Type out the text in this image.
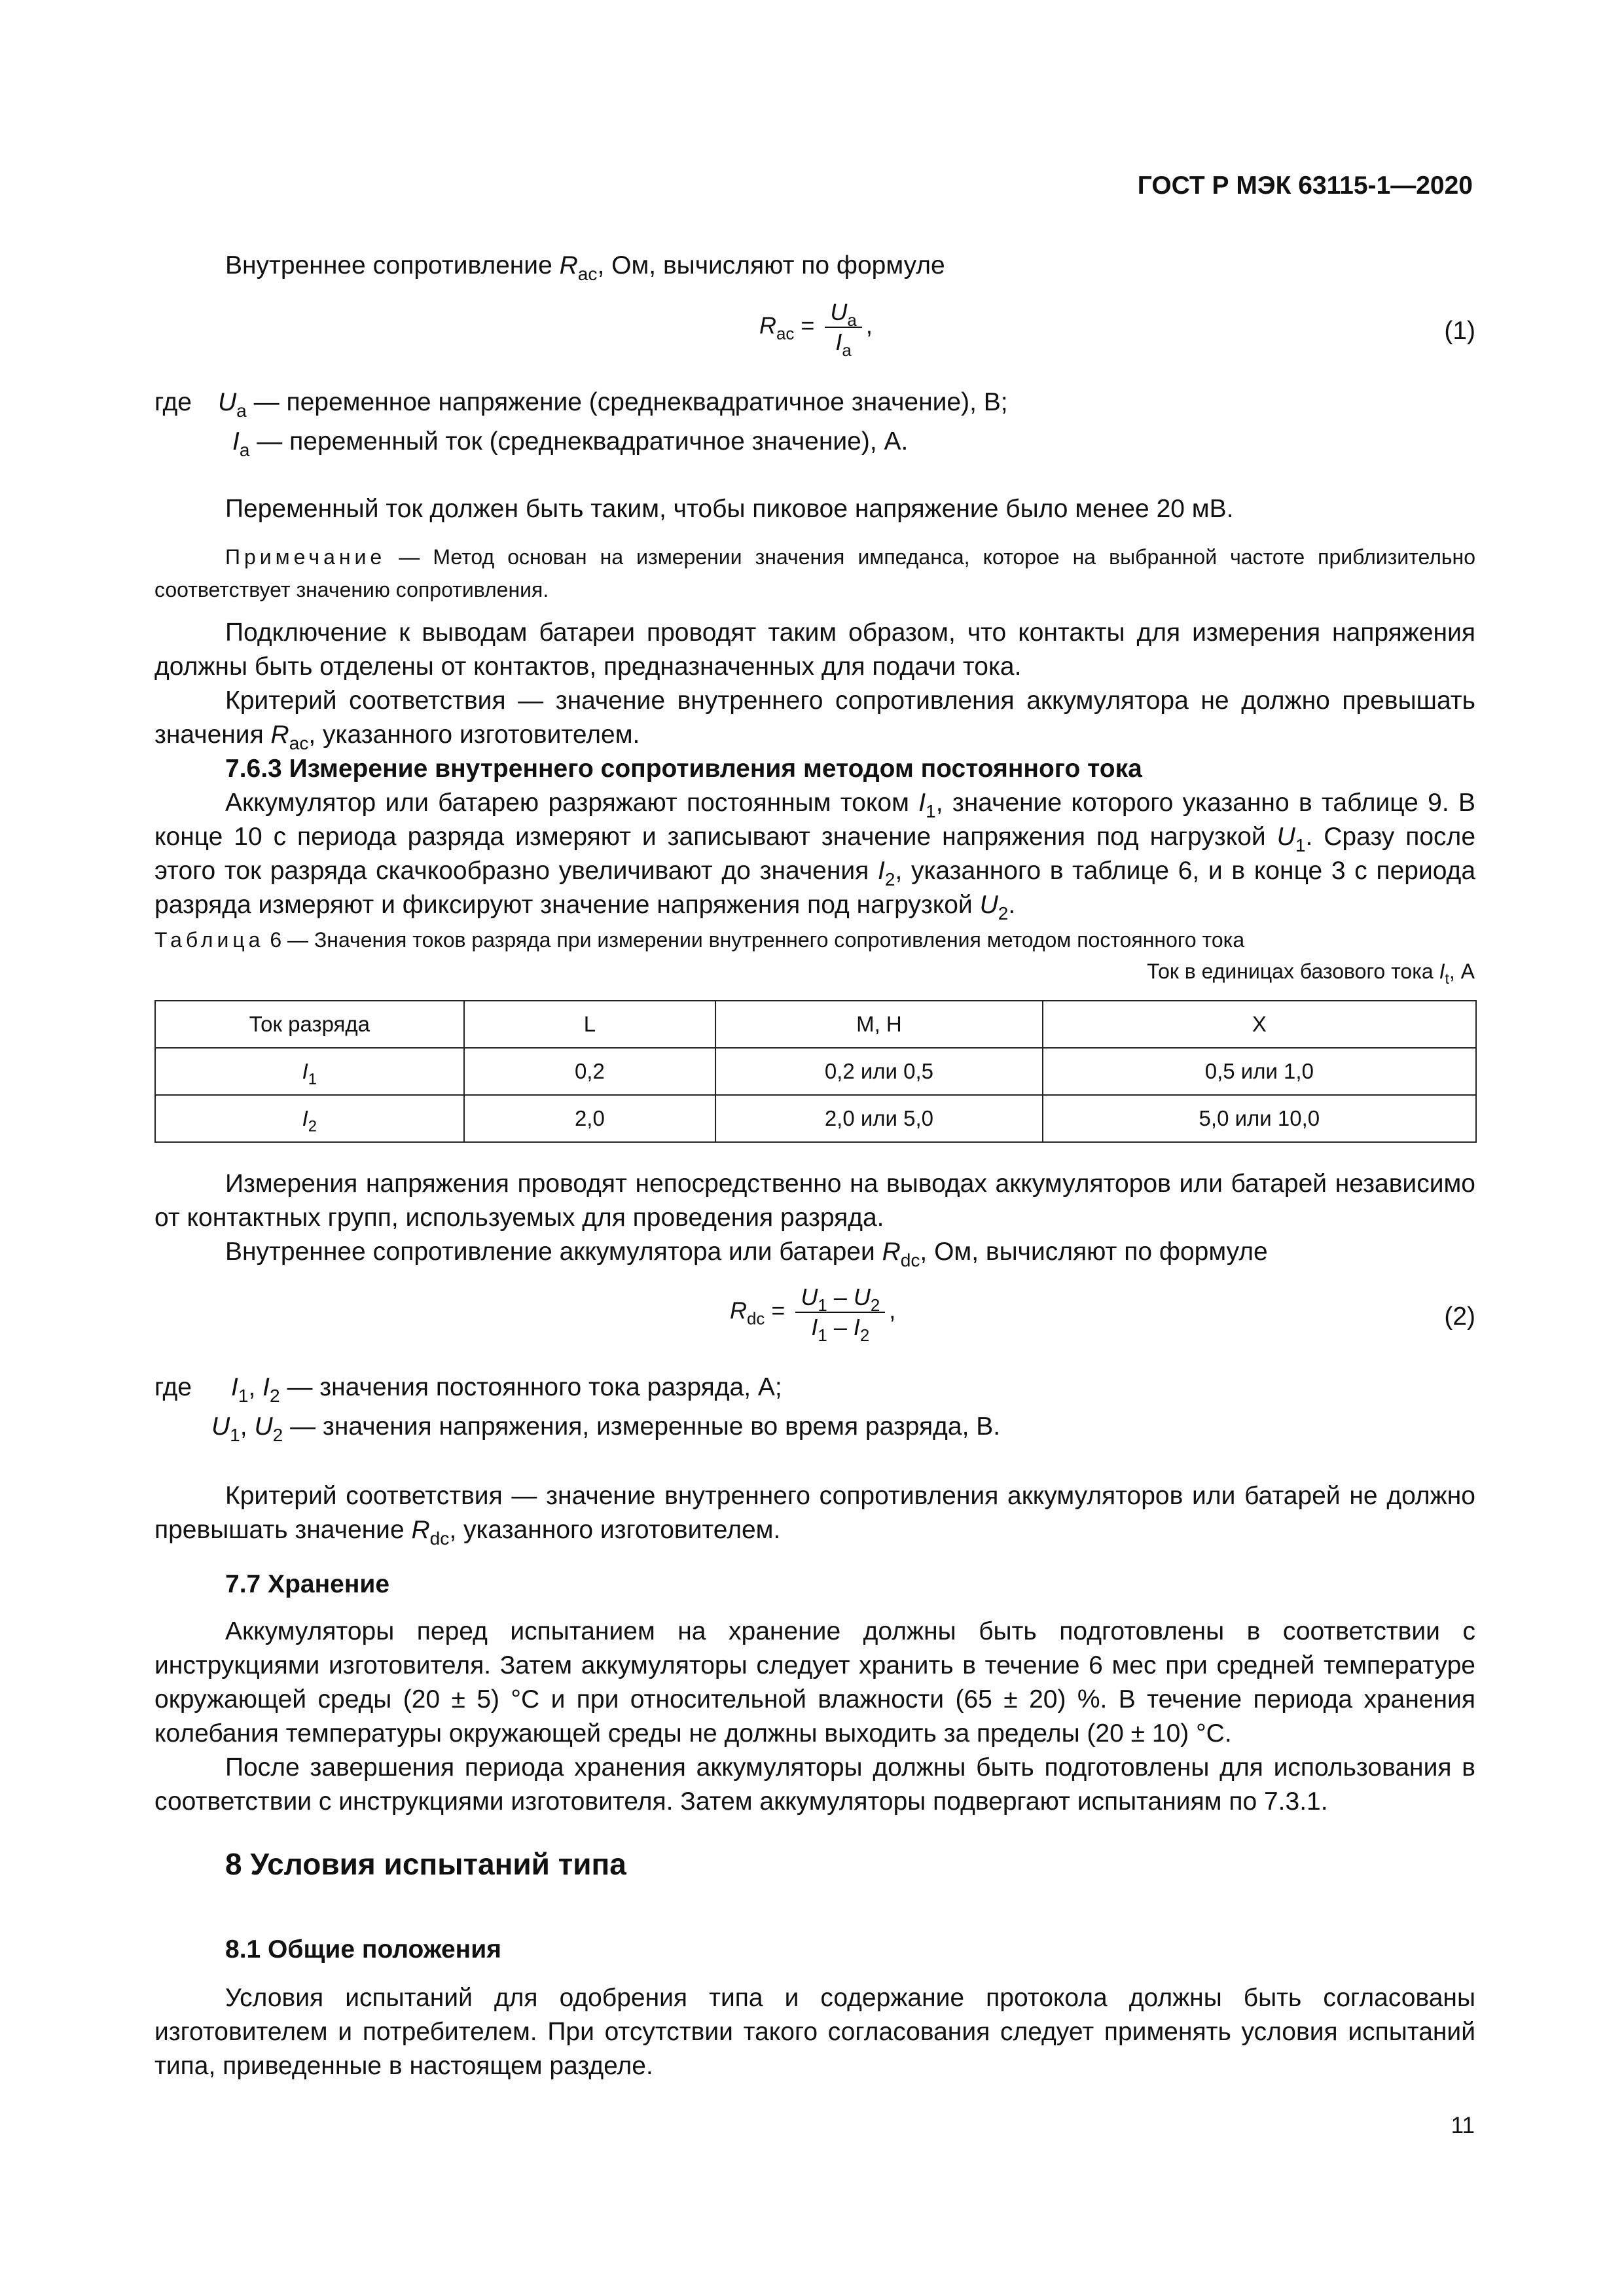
ГОСТ Р МЭК 63115-1—2020
Внутреннее сопротивление $R_{ac}$, Ом, вычисляют по формуле
$R_{ac} = \frac{U_a}{I_a}$ ,	(1)
где $U_a$ — переменное напряжение (среднеквадратичное значение), В;
$I_a$ — переменный ток (среднеквадратичное значение), А.
Переменный ток должен быть таким, чтобы пиковое напряжение было менее 20 мВ.
Примечание — Метод основан на измерении значения импеданса, которое на выбранной частоте приблизительно соответствует значению сопротивления.
Подключение к выводам батареи проводят таким образом, что контакты для измерения напряжения должны быть отделены от контактов, предназначенных для подачи тока.
Критерий соответствия — значение внутреннего сопротивления аккумулятора не должно превышать значения $R_{ac}$, указанного изготовителем.
7.6.3 Измерение внутреннего сопротивления методом постоянного тока
Аккумулятор или батарею разряжают постоянным током $I_1$, значение которого указанно в таблице 9. В конце 10 с периода разряда измеряют и записывают значение напряжения под нагрузкой $U_1$. Сразу после этого ток разряда скачкообразно увеличивают до значения $I_2$, указанного в таблице 6, и в конце 3 с периода разряда измеряют и фиксируют значение напряжения под нагрузкой $U_2$.
Таблица 6 — Значения токов разряда при измерении внутреннего сопротивления методом постоянного тока
Ток в единицах базового тока $I_t$, А
Ток разряда	L	M, H	X
$I_1$	0,2	0,2 или 0,5	0,5 или 1,0
$I_2$	2,0	2,0 или 5,0	5,0 или 10,0
Измерения напряжения проводят непосредственно на выводах аккумуляторов или батарей независимо от контактных групп, используемых для проведения разряда.
Внутреннее сопротивление аккумулятора или батареи $R_{dc}$, Ом, вычисляют по формуле
$R_{dc} = \frac{U_1 - U_2}{I_1 - I_2}$ ,	(2)
где $I_1$, $I_2$ — значения постоянного тока разряда, А;
$U_1$, $U_2$ — значения напряжения, измеренные во время разряда, В.
Критерий соответствия — значение внутреннего сопротивления аккумуляторов или батарей не должно превышать значение $R_{dc}$, указанного изготовителем.
7.7 Хранение
Аккумуляторы перед испытанием на хранение должны быть подготовлены в соответствии с инструкциями изготовителя. Затем аккумуляторы следует хранить в течение 6 мес при средней температуре окружающей среды (20 ± 5) °С и при относительной влажности (65 ± 20) %. В течение периода хранения колебания температуры окружающей среды не должны выходить за пределы (20 ± 10) °С.
После завершения периода хранения аккумуляторы должны быть подготовлены для использования в соответствии с инструкциями изготовителя. Затем аккумуляторы подвергают испытаниям по 7.3.1.
8 Условия испытаний типа
8.1 Общие положения
Условия испытаний для одобрения типа и содержание протокола должны быть согласованы изготовителем и потребителем. При отсутствии такого согласования следует применять условия испытаний типа, приведенные в настоящем разделе.
11
